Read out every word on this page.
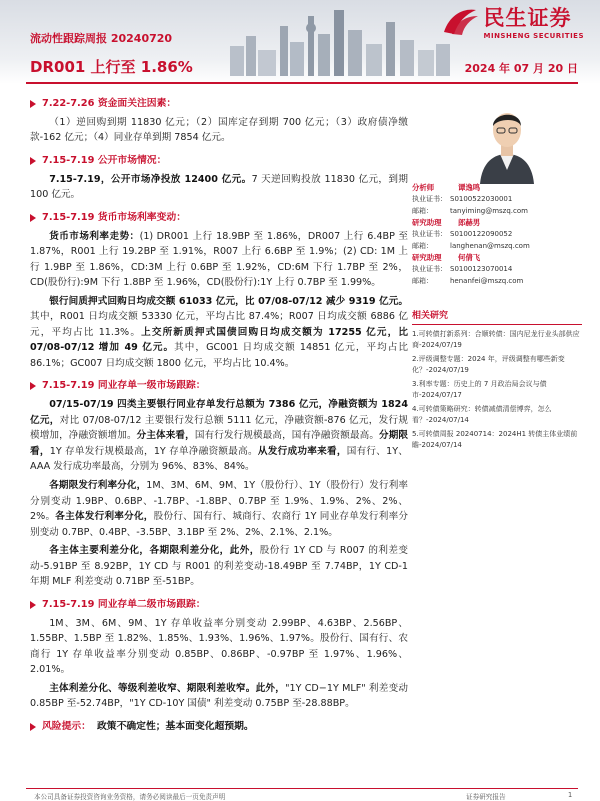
民生证券
MINSHENG SECURITIES
流动性跟踪周报 20240720
DR001 上行至 1.86%	2024 年 07 月 20 日
7.22-7.26 资金面关注因素：
（1）逆回购到期 11830 亿元；（2）国库定存到期 700 亿元；（3）政府债净缴款-162 亿元；（4）同业存单到期 7854 亿元。
7.15-7.19 公开市场情况：
7.15-7.19，公开市场净投放 12400 亿元。7 天逆回购投放 11830 亿元，到期 100 亿元。
7.15-7.19 货币市场利率变动：
货币市场利率走势：(1) DR001 上行 18.9BP 至 1.86%，DR007 上行 6.4BP 至 1.87%，R001 上行 19.2BP 至 1.91%，R007 上行 6.6BP 至 1.9%；(2) CD: 1M 上行 1.9BP 至 1.86%，CD:3M 上行 0.6BP 至 1.92%，CD:6M 下行 1.7BP 至 2%，CD(股份行):9M 下行 1.8BP 至 1.96%，CD(股份行):1Y 上行 0.7BP 至 1.99%。
银行间质押式回购日均成交额 61033 亿元，比 07/08-07/12 减少 9319 亿元。其中，R001 日均成交额 53330 亿元，平均占比 87.4%；R007 日均成交额 6886 亿元，平均占比 11.3%。上交所新质押式国债回购日均成交额为 17255 亿元，比 07/08-07/12 增加 49 亿元。其中，GC001 日均成交额 14851 亿元，平均占比 86.1%；GC007 日均成交额 1800 亿元，平均占比 10.4%。
7.15-7.19 同业存单一级市场跟踪：
07/15-07/19 四类主要银行同业存单发行总额为 7386 亿元，净融资额为 1824 亿元，对比 07/08-07/12 主要银行发行总额 5111 亿元，净融资额-876 亿元，发行规模增加，净融资额增加。分主体来看，国有行发行规模最高，国有净融资额最高。分期限看，1Y 存单发行规模最高，1Y 存单净融资额最高。从发行成功率来看，国有行、1Y、AAA 发行成功率最高，分别为 96%、83%、84%。
各期限发行利率分化，1M、3M、6M、9M、1Y（股份行）、1Y（股份行）发行利率分别变动 1.9BP、0.6BP、-1.7BP、-1.8BP、0.7BP 至 1.9%、1.9%、2%、2%、2%。各主体发行利率分化，股份行、国有行、城商行、农商行 1Y 同业存单发行利率分别变动 0.7BP、0.4BP、-3.5BP、3.1BP 至 2%、2%、2.1%、2.1%。
各主体主要利差分化，各期限利差分化，此外，股份行 1Y CD 与 R007 的利差变动-5.91BP 至 8.92BP，1Y CD 与 R001 的利差变动-18.49BP 至 7.74BP，1Y CD-1 年期 MLF 利差变动 0.71BP 至-51BP。
7.15-7.19 同业存单二级市场跟踪：
1M、3M、6M、9M、1Y 存单收益率分别变动 2.99BP、4.63BP、2.56BP、1.55BP、1.5BP 至 1.82%、1.85%、1.93%、1.96%、1.97%。股份行、国有行、农商行 1Y 存单收益率分别变动 0.85BP、0.86BP、-0.97BP 至 1.97%、1.96%、2.01%。
主体利差分化、等级利差收窄、期限利差收窄。此外，"1Y CD−1Y MLF" 利差变动 0.85BP 至-52.74BP，"1Y CD-10Y 国债" 利差变动 0.75BP 至-28.88BP。
风险提示： 政策不确定性；基本面变化超预期。
分析师	谭逸鸣
执业证书： S0100522030001
邮箱：	tanyiming@mszq.com
研究助理	郎赫男
执业证书： S0100122090052
邮箱：	langhenan@mszq.com
研究助理	何倩飞
执业证书： S0100123070014
邮箱：	henanfei@mszq.com
相关研究
1.可转债打新系列：合顺转债：国内尼龙行业头部供应商-2024/07/19
2.评级调整专题：2024 年，评级调整有哪些新变化？-2024/07/19
3.利率专题：历史上的 7 月政治局会议与债市-2024/07/17
4.可转债策略研究：转债减债清偿博弈，怎么看？-2024/07/14
5.可转债周报 20240714：2024H1 转债主体业绩前瞻-2024/07/14
本公司具备证券投资咨询业务资格，请务必阅读最后一页免责声明	证券研究报告	1
